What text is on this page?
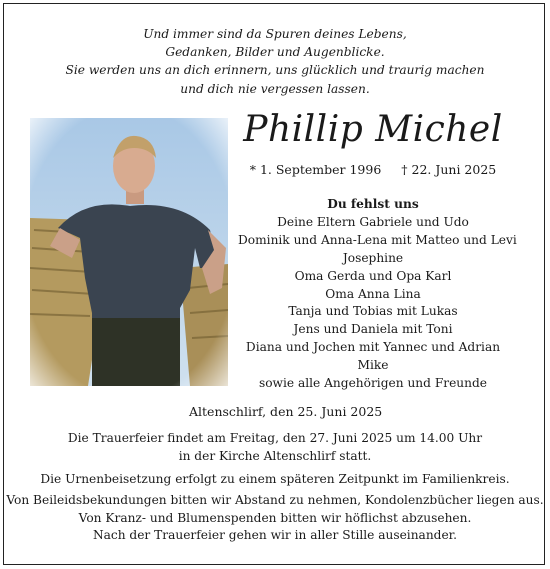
Und immer sind da Spuren deines Lebens,
Gedanken, Bilder und Augenblicke.
Sie werden uns an dich erinnern, uns glücklich und traurig machen
und dich nie vergessen lassen.
Phillip Michel
* 1. September 1996 † 22. Juni 2025
Du fehlst uns
Deine Eltern Gabriele und Udo
Dominik und Anna-Lena mit Matteo und Levi
Josephine
Oma Gerda und Opa Karl
Oma Anna Lina
Tanja und Tobias mit Lukas
Jens und Daniela mit Toni
Diana und Jochen mit Yannec und Adrian
Mike
sowie alle Angehörigen und Freunde
Altenschlirf, den 25. Juni 2025
Die Trauerfeier findet am Freitag, den 27. Juni 2025 um 14.00 Uhr
in der Kirche Altenschlirf statt.
Die Urnenbeisetzung erfolgt zu einem späteren Zeitpunkt im Familienkreis.
Von Beileidsbekundungen bitten wir Abstand zu nehmen, Kondolenzbücher liegen aus.
Von Kranz- und Blumenspenden bitten wir höflichst abzusehen.
Nach der Trauerfeier gehen wir in aller Stille auseinander.
